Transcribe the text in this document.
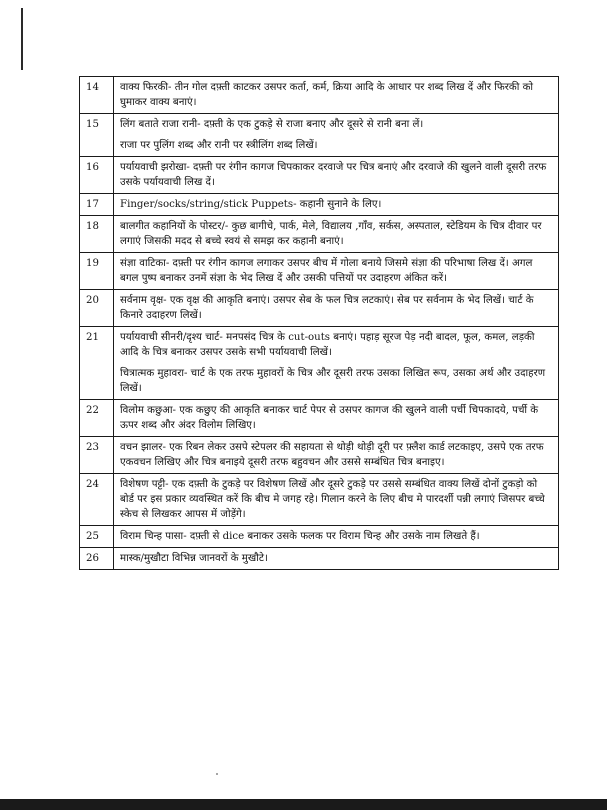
14	वाक्य फिरकी- तीन गोल दफ़्ती काटकर उसपर कर्ता, कर्म, क्रिया आदि के आधार पर शब्द लिख दें और फिरकी को घुमाकर वाक्य बनाएं।

15	लिंग बताते राजा रानी- दफ़्ती के एक टुकड़े से राजा बनाए और दूसरे से रानी बना लें।

राजा पर पुलिंग शब्द और रानी पर स्त्रीलिंग शब्द लिखें।

16	पर्यायवाची झरोखा- दफ़्ती पर रंगीन कागज चिपकाकर दरवाजे पर चित्र बनाएं और दरवाजे की खुलने वाली दूसरी तरफ उसके पर्यायवाची लिख दें।

17	Finger/socks/string/stick Puppets- कहानी सुनाने के लिए।

18	बालगीत कहानियों के पोस्टर/- कुछ बागीचे, पार्क, मेले, विद्यालय ,गाँव, सर्कस, अस्पताल, स्टेडियम के चित्र दीवार पर लगाएं जिसकी मदद से बच्चे स्वयं से समझ कर कहानी बनाएं।

19	संज्ञा वाटिका- दफ़्ती पर रंगीन कागज लगाकर उसपर बीच में गोला बनाये जिसमे संज्ञा की परिभाषा लिख दें। अगल बगल पुष्प बनाकर उनमें संज्ञा के भेद लिख दें और उसकी पत्तियों पर उदाहरण अंकित करें।

20	सर्वनाम वृक्ष- एक वृक्ष की आकृति बनाएं। उसपर सेब के फल चित्र लटकाएं। सेब पर सर्वनाम के भेद लिखें। चार्ट के किनारे उदाहरण लिखें।

21	पर्यायवाची सीनरी/दृश्य चार्ट- मनपसंद चित्र के cut-outs बनाएं। पहाड़ सूरज पेड़ नदी बादल, फूल, कमल, लड़की आदि के चित्र बनाकर उसपर उसके सभी पर्यायवाची लिखें।

चित्रात्मक मुहावरा- चार्ट के एक तरफ मुहावरों के चित्र और दूसरी तरफ उसका लिखित रूप, उसका अर्थ और उदाहरण लिखें।

22	विलोम कछुआ- एक कछुए की आकृति बनाकर चार्ट पेपर से उसपर कागज की खुलने वाली पर्ची चिपकादये, पर्ची के ऊपर शब्द और अंदर विलोम लिखिए।

23	वचन झालर- एक रिबन लेकर उसपे स्टेपलर की सहायता से थोड़ी थोड़ी दूरी पर फ़्लैश कार्ड लटकाइए, उसपे एक तरफ एकवचन लिखिए और चित्र बनाइये दूसरी तरफ बहुवचन और उससे सम्बंधित चित्र बनाइए।

24	विशेषण पट्टी- एक दफ़्ती के टुकड़े पर विशेषण लिखें और दूसरे टुकड़े पर उससे सम्बंधित वाक्य लिखें दोनों टुकड़ो को बोर्ड पर इस प्रकार व्यवस्थित करें कि बीच मे जगह रहे। गिलान करने के लिए बीच मे पारदर्शी पन्नी लगाएं जिसपर बच्चे स्केच से लिखकर आपस में जोड़ेंगे।

25	विराम चिन्ह पासा- दफ़्ती से dice बनाकर उसके फलक पर विराम चिन्ह और उसके नाम लिखते हैं।

26	मास्क/मुखौटा विभिन्न जानवरों के मुखौटे।
